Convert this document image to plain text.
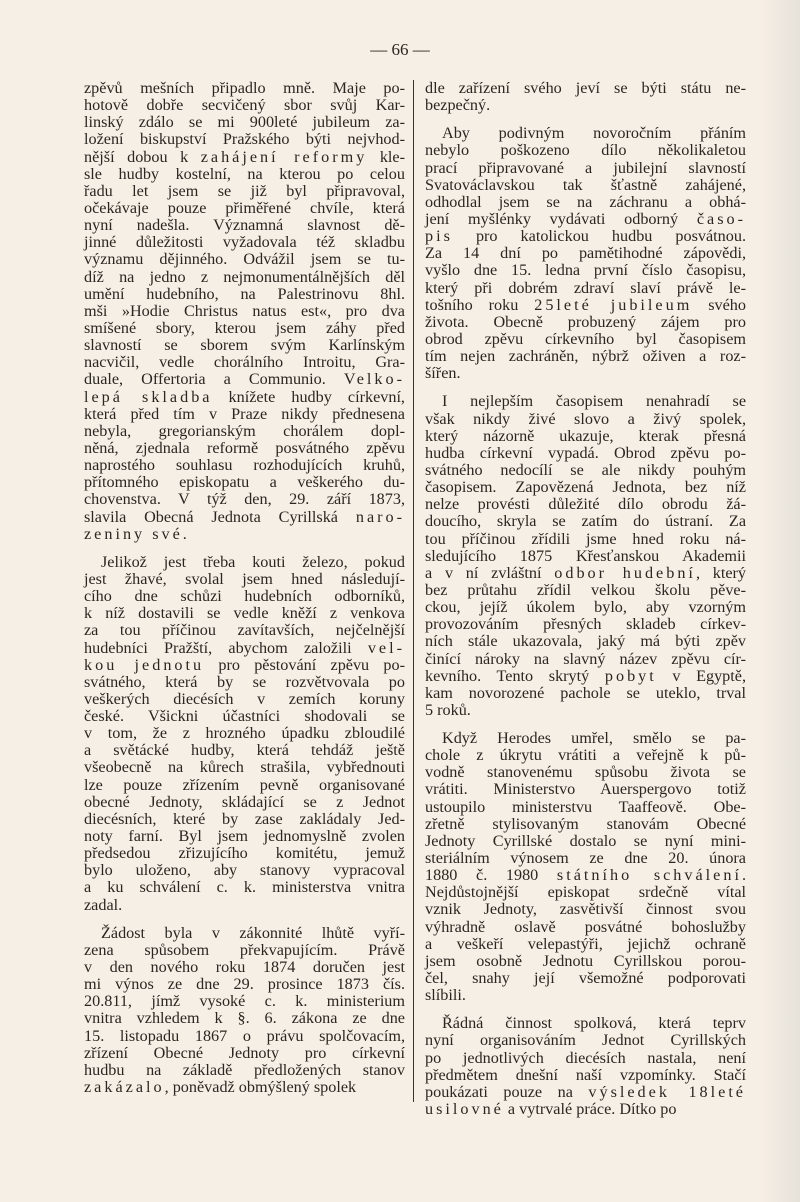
— 66 —
zpěvů mešních připadlo mně. Maje po-
hotově dobře secvičený sbor svůj Kar-
linský zdálo se mi 900leté jubileum za-
ložení biskupství Pražského býti nejvhod-
nější dobou k zahájení reformy kle-
sle hudby kostelní, na kterou po celou
řadu let jsem se již byl připravoval,
očekávaje pouze přiměřené chvíle, která
nyní nadešla. Významná slavnost dě-
jinné důležitosti vyžadovala též skladbu
významu dějinného. Odvážil jsem se tu-
díž na jedno z nejmonumentálnějších děl
umění hudebního, na Palestrinovu 8hl.
mši »Hodie Christus natus est«, pro dva
smíšené sbory, kterou jsem záhy před
slavností se sborem svým Karlínským
nacvičil, vedle chorálního Introitu, Gra-
duale, Offertoria a Communio. Velko-
lepá skladba knížete hudby církevní,
která před tím v Praze nikdy přednesena
nebyla, gregorianským chorálem dopl-
něná, zjednala reformě posvátného zpěvu
naprostého souhlasu rozhodujících kruhů,
přítomného episkopatu a veškerého du-
chovenstva. V týž den, 29. září 1873,
slavila Obecná Jednota Cyrillská naro-
zeniny své.
Jelikož jest třeba kouti železo, pokud
jest žhavé, svolal jsem hned následují-
cího dne schůzi hudebních odborníků,
k níž dostavili se vedle kněží z venkova
za tou příčinou zavítavších, nejčelnější
hudebníci Pražští, abychom založili vel-
kou jednotu pro pěstování zpěvu po-
svátného, která by se rozvětvovala po
veškerých diecésích v zemích koruny
české. Všickni účastníci shodovali se
v tom, že z hrozného úpadku zbloudilé
a světácké hudby, která tehdáž ještě
všeobecně na kůrech strašila, vybřednouti
lze pouze zřízením pevně organisované
obecné Jednoty, skládající se z Jednot
diecésních, které by zase zakládaly Jed-
noty farní. Byl jsem jednomyslně zvolen
předsedou zřizujícího komitétu, jemuž
bylo uloženo, aby stanovy vypracoval
a ku schválení c. k. ministerstva vnitra
zadal.
Žádost byla v zákonnité lhůtě vyří-
zena spůsobem překvapujícím. Právě
v den nového roku 1874 doručen jest
mi výnos ze dne 29. prosince 1873 čís.
20.811, jímž vysoké c. k. ministerium
vnitra vzhledem k §. 6. zákona ze dne
15. listopadu 1867 o právu spolčovacím,
zřízení Obecné Jednoty pro církevní
hudbu na základě předložených stanov
zakázalo, poněvadž obmýšlený spolek
dle zařízení svého jeví se býti státu ne-
bezpečný.
Aby podivným novoročním přáním
nebylo poškozeno dílo několikaletou
prací připravované a jubilejní slavností
Svatováclavskou tak šťastně zahájené,
odhodlal jsem se na záchranu a obhá-
jení myšlénky vydávati odborný časo-
pis pro katolickou hudbu posvátnou.
Za 14 dní po pamětihodné zápovědi,
vyšlo dne 15. ledna první číslo časopisu,
který při dobrém zdraví slaví právě le-
tošního roku 25leté jubileum svého
života. Obecně probuzený zájem pro
obrod zpěvu církevního byl časopisem
tím nejen zachráněn, nýbrž oživen a roz-
šířen.
I nejlepším časopisem nenahradí se
však nikdy živé slovo a živý spolek,
který názorně ukazuje, kterak přesná
hudba církevní vypadá. Obrod zpěvu po-
svátného nedocílí se ale nikdy pouhým
časopisem. Zapovězená Jednota, bez níž
nelze provésti důležité dílo obrodu žá-
doucího, skryla se zatím do ústraní. Za
tou příčinou zřídili jsme hned roku ná-
sledujícího 1875 Křesťanskou Akademii
a v ní zvláštní odbor hudební, který
bez průtahu zřídil velkou školu pěve-
ckou, jejíž úkolem bylo, aby vzorným
provozováním přesných skladeb církev-
ních stále ukazovala, jaký má býti zpěv
činící nároky na slavný název zpěvu cír-
kevního. Tento skrytý pobyt v Egyptě,
kam novorozené pachole se uteklo, trval
5 roků.
Když Herodes umřel, smělo se pa-
chole z úkrytu vrátiti a veřejně k pů-
vodně stanovenému spůsobu života se
vrátiti. Ministerstvo Auerspergovo totiž
ustoupilo ministerstvu Taaffeově. Obe-
zřetně stylisovaným stanovám Obecné
Jednoty Cyrillské dostalo se nyní mini-
steriálním výnosem ze dne 20. února
1880 č. 1980 státního schválení.
Nejdůstojnější episkopat srdečně vítal
vznik Jednoty, zasvětivší činnost svou
výhradně oslavě posvátné bohoslužby
a veškeří velepastýři, jejichž ochraně
jsem osobně Jednotu Cyrillskou porou-
čel, snahy její všemožné podporovati
slíbili.
Řádná činnost spolková, která teprv
nyní organisováním Jednot Cyrillských
po jednotlivých diecésích nastala, není
předmětem dnešní naší vzpomínky. Stačí
poukázati pouze na výsledek 18leté
usilovné a vytrvalé práce. Dítko po
